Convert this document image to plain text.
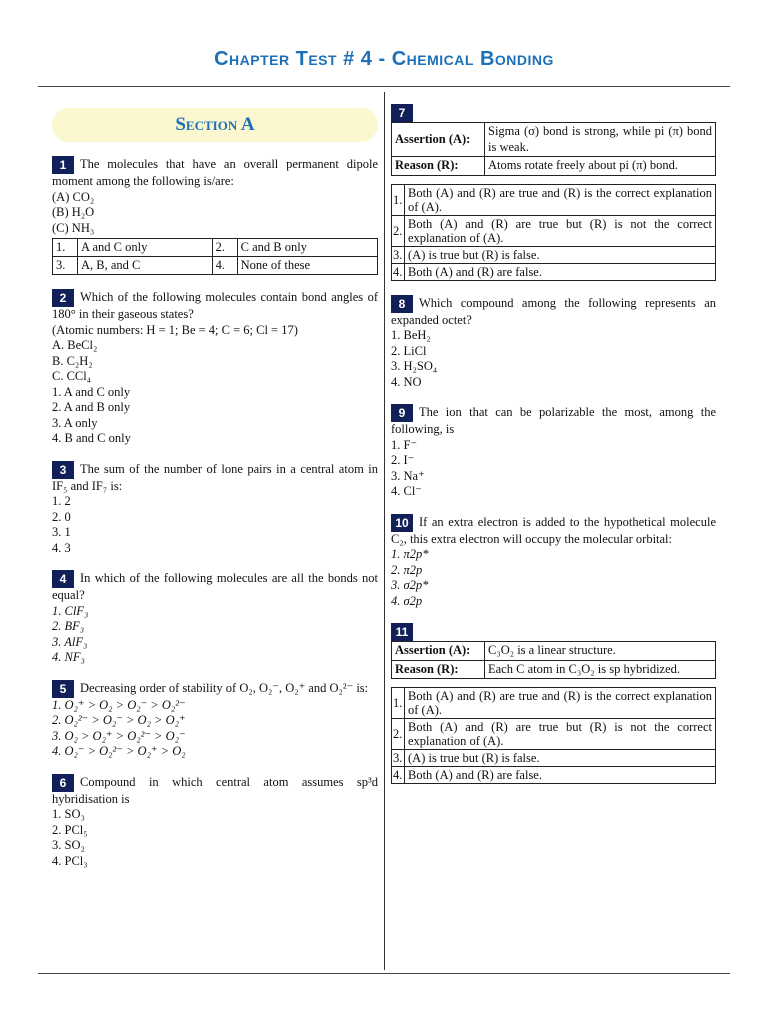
Chapter Test # 4 - Chemical Bonding
Section A
1 The molecules that have an overall permanent dipole moment among the following is/are:
(A) CO₂
(B) H₂O
(C) NH₃
1.	A and C only	2.	C and B only
3.	A, B, and C	4.	None of these
2 Which of the following molecules contain bond angles of 180° in their gaseous states?
(Atomic numbers: H = 1; Be = 4; C = 6; Cl = 17)
A. BeCl₂
B. C₂H₂
C. CCl₄
1. A and C only
2. A and B only
3. A only
4. B and C only
3 The sum of the number of lone pairs in a central atom in IF₅ and IF₇ is:
1. 2
2. 0
3. 1
4. 3
4 In which of the following molecules are all the bonds not equal?
1. ClF₃
2. BF₃
3. AlF₃
4. NF₃
5 Decreasing order of stability of O₂, O₂⁻, O₂⁺ and O₂²⁻ is:
1. O₂⁺ > O₂ > O₂⁻ > O₂²⁻
2. O₂²⁻ > O₂⁻ > O₂ > O₂⁺
3. O₂ > O₂⁺ > O₂²⁻ > O₂⁻
4. O₂⁻ > O₂²⁻ > O₂⁺ > O₂
6 Compound in which central atom assumes sp³d hybridisation is
1. SO₃
2. PCl₅
3. SO₂
4. PCl₃
7
Assertion (A):	Sigma (σ) bond is strong, while pi (π) bond is weak.
Reason (R):	Atoms rotate freely about pi (π) bond.
1.	Both (A) and (R) are true and (R) is the correct explanation of (A).
2.	Both (A) and (R) are true but (R) is not the correct explanation of (A).
3.	(A) is true but (R) is false.
4.	Both (A) and (R) are false.
8 Which compound among the following represents an expanded octet?
1. BeH₂
2. LiCl
3. H₂SO₄
4. NO
9 The ion that can be polarizable the most, among the following, is
1. F⁻
2. I⁻
3. Na⁺
4. Cl⁻
10 If an extra electron is added to the hypothetical molecule C₂, this extra electron will occupy the molecular orbital:
1. π2p*
2. π2p
3. σ2p*
4. σ2p
11
Assertion (A):	C₃O₂ is a linear structure.
Reason (R):	Each C atom in C₃O₂ is sp hybridized.
1.	Both (A) and (R) are true and (R) is the correct explanation of (A).
2.	Both (A) and (R) are true but (R) is not the correct explanation of (A).
3.	(A) is true but (R) is false.
4.	Both (A) and (R) are false.
